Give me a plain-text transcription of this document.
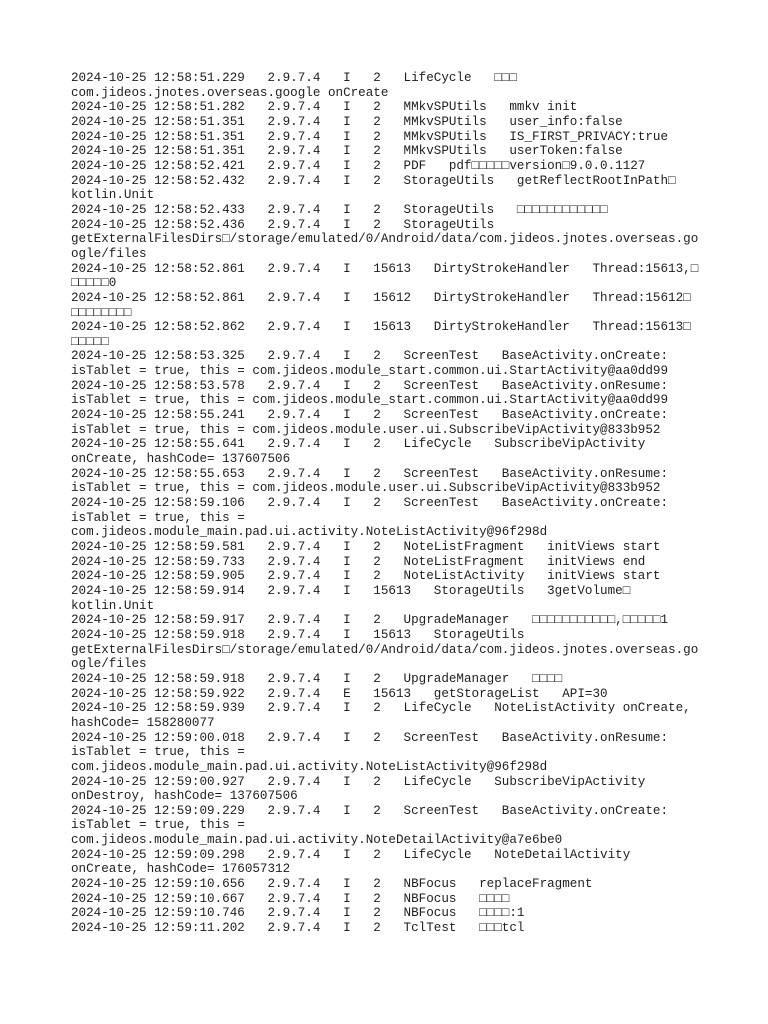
2024-10-25 12:58:51.229   2.9.7.4   I   2   LifeCycle   □□□
com.jideos.jnotes.overseas.google onCreate

2024-10-25 12:58:51.282   2.9.7.4   I   2   MMkvSPUtils   mmkv init

2024-10-25 12:58:51.351   2.9.7.4   I   2   MMkvSPUtils   user_info:false

2024-10-25 12:58:51.351   2.9.7.4   I   2   MMkvSPUtils   IS_FIRST_PRIVACY:true

2024-10-25 12:58:51.351   2.9.7.4   I   2   MMkvSPUtils   userToken:false

2024-10-25 12:58:52.421   2.9.7.4   I   2   PDF   pdf□□□□□version□9.0.0.1127

2024-10-25 12:58:52.432   2.9.7.4   I   2   StorageUtils   getReflectRootInPath□
kotlin.Unit

2024-10-25 12:58:52.433   2.9.7.4   I   2   StorageUtils   □□□□□□□□□□□□

2024-10-25 12:58:52.436   2.9.7.4   I   2   StorageUtils
getExternalFilesDirs□/storage/emulated/0/Android/data/com.jideos.jnotes.overseas.go
ogle/files

2024-10-25 12:58:52.861   2.9.7.4   I   15613   DirtyStrokeHandler   Thread:15613,□
□□□□□0

2024-10-25 12:58:52.861   2.9.7.4   I   15612   DirtyStrokeHandler   Thread:15612□
□□□□□□□□

2024-10-25 12:58:52.862   2.9.7.4   I   15613   DirtyStrokeHandler   Thread:15613□
□□□□□

2024-10-25 12:58:53.325   2.9.7.4   I   2   ScreenTest   BaseActivity.onCreate:
isTablet = true, this = com.jideos.module_start.common.ui.StartActivity@aa0dd99

2024-10-25 12:58:53.578   2.9.7.4   I   2   ScreenTest   BaseActivity.onResume:
isTablet = true, this = com.jideos.module_start.common.ui.StartActivity@aa0dd99

2024-10-25 12:58:55.241   2.9.7.4   I   2   ScreenTest   BaseActivity.onCreate:
isTablet = true, this = com.jideos.module.user.ui.SubscribeVipActivity@833b952

2024-10-25 12:58:55.641   2.9.7.4   I   2   LifeCycle   SubscribeVipActivity
onCreate, hashCode= 137607506

2024-10-25 12:58:55.653   2.9.7.4   I   2   ScreenTest   BaseActivity.onResume:
isTablet = true, this = com.jideos.module.user.ui.SubscribeVipActivity@833b952

2024-10-25 12:58:59.106   2.9.7.4   I   2   ScreenTest   BaseActivity.onCreate:
isTablet = true, this =
com.jideos.module_main.pad.ui.activity.NoteListActivity@96f298d

2024-10-25 12:58:59.581   2.9.7.4   I   2   NoteListFragment   initViews start

2024-10-25 12:58:59.733   2.9.7.4   I   2   NoteListFragment   initViews end

2024-10-25 12:58:59.905   2.9.7.4   I   2   NoteListActivity   initViews start

2024-10-25 12:58:59.914   2.9.7.4   I   15613   StorageUtils   3getVolume□
kotlin.Unit

2024-10-25 12:58:59.917   2.9.7.4   I   2   UpgradeManager   □□□□□□□□□□□,□□□□□1

2024-10-25 12:58:59.918   2.9.7.4   I   15613   StorageUtils
getExternalFilesDirs□/storage/emulated/0/Android/data/com.jideos.jnotes.overseas.go
ogle/files

2024-10-25 12:58:59.918   2.9.7.4   I   2   UpgradeManager   □□□□

2024-10-25 12:58:59.922   2.9.7.4   E   15613   getStorageList   API=30

2024-10-25 12:58:59.939   2.9.7.4   I   2   LifeCycle   NoteListActivity onCreate,
hashCode= 158280077

2024-10-25 12:59:00.018   2.9.7.4   I   2   ScreenTest   BaseActivity.onResume:
isTablet = true, this =
com.jideos.module_main.pad.ui.activity.NoteListActivity@96f298d

2024-10-25 12:59:00.927   2.9.7.4   I   2   LifeCycle   SubscribeVipActivity
onDestroy, hashCode= 137607506

2024-10-25 12:59:09.229   2.9.7.4   I   2   ScreenTest   BaseActivity.onCreate:
isTablet = true, this =
com.jideos.module_main.pad.ui.activity.NoteDetailActivity@a7e6be0

2024-10-25 12:59:09.298   2.9.7.4   I   2   LifeCycle   NoteDetailActivity
onCreate, hashCode= 176057312

2024-10-25 12:59:10.656   2.9.7.4   I   2   NBFocus   replaceFragment

2024-10-25 12:59:10.667   2.9.7.4   I   2   NBFocus   □□□□

2024-10-25 12:59:10.746   2.9.7.4   I   2   NBFocus   □□□□:1

2024-10-25 12:59:11.202   2.9.7.4   I   2   TclTest   □□□tcl
